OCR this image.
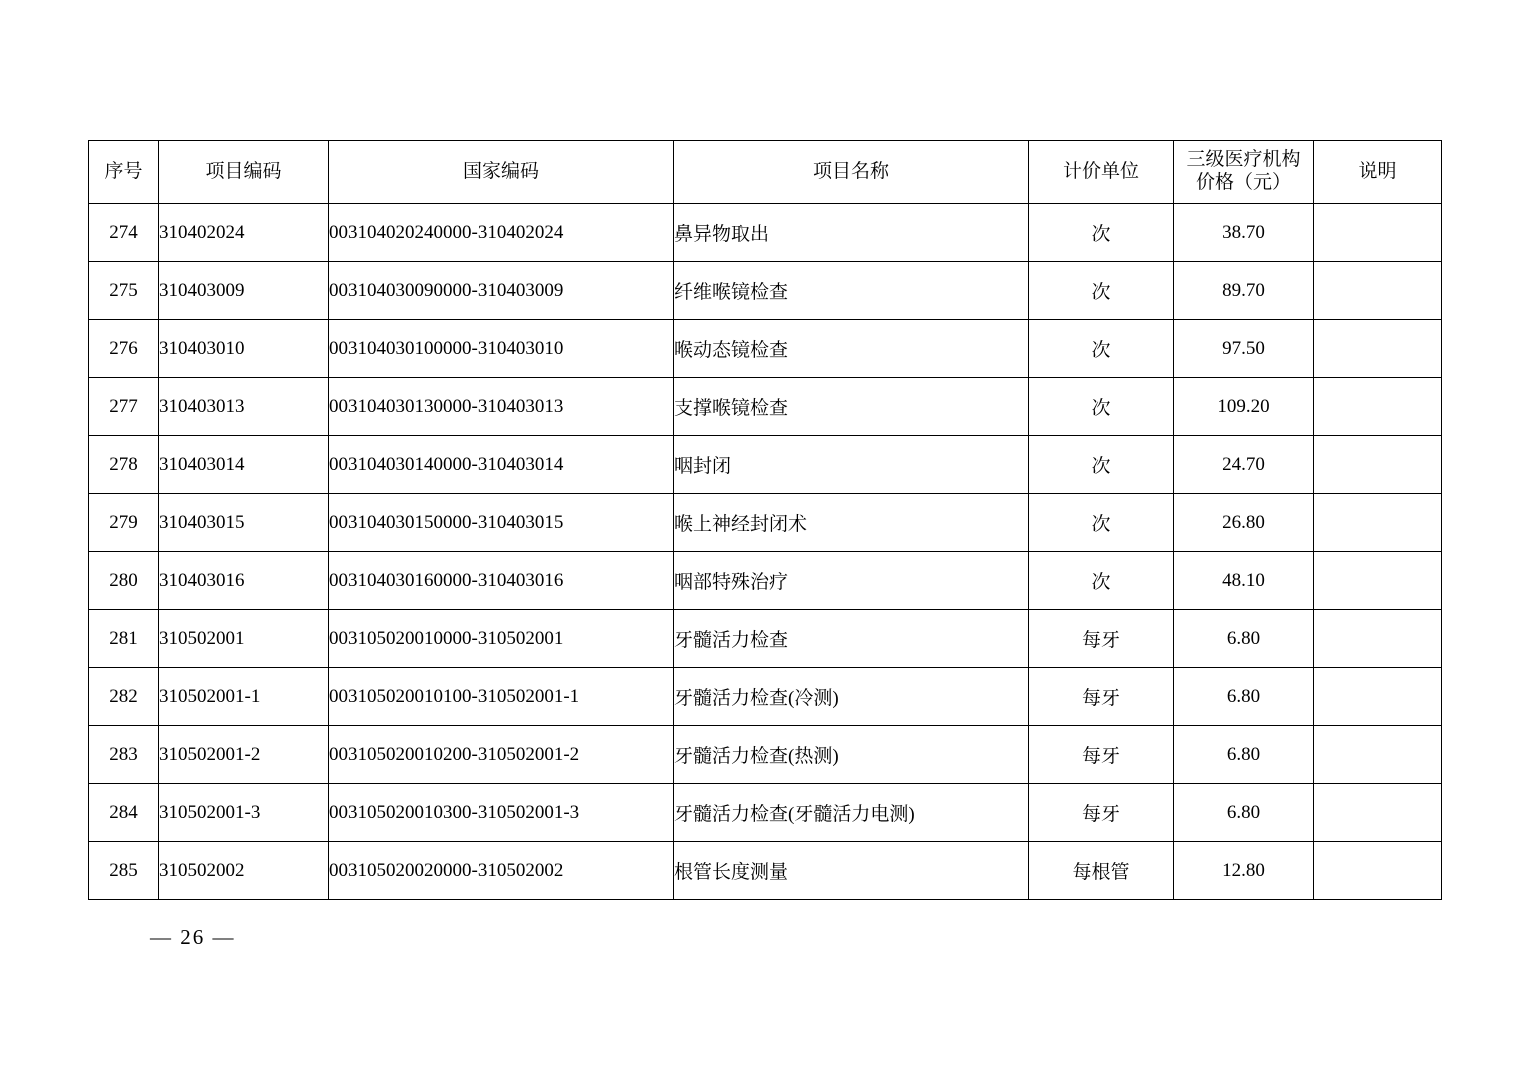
序号	项目编码	国家编码	项目名称	计价单位	三级医疗机构
价格（元）	说明
274	310402024	003104020240000-310402024	鼻异物取出	次	38.70	
275	310403009	003104030090000-310403009	纤维喉镜检查	次	89.70	
276	310403010	003104030100000-310403010	喉动态镜检查	次	97.50	
277	310403013	003104030130000-310403013	支撑喉镜检查	次	109.20	
278	310403014	003104030140000-310403014	咽封闭	次	24.70	
279	310403015	003104030150000-310403015	喉上神经封闭术	次	26.80	
280	310403016	003104030160000-310403016	咽部特殊治疗	次	48.10	
281	310502001	003105020010000-310502001	牙髓活力检查	每牙	6.80	
282	310502001-1	003105020010100-310502001-1	牙髓活力检查(冷测)	每牙	6.80	
283	310502001-2	003105020010200-310502001-2	牙髓活力检查(热测)	每牙	6.80	
284	310502001-3	003105020010300-310502001-3	牙髓活力检查(牙髓活力电测)	每牙	6.80	
285	310502002	003105020020000-310502002	根管长度测量	每根管	12.80	
— 26 —
